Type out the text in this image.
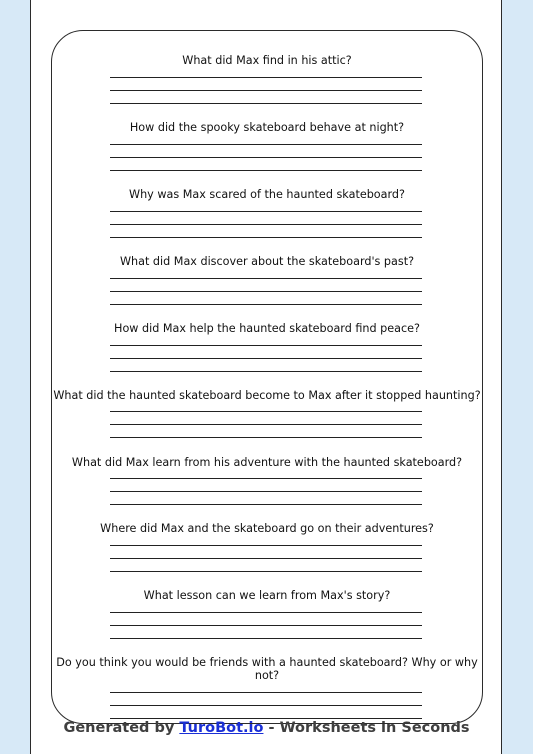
What did Max find in his attic?
How did the spooky skateboard behave at night?
Why was Max scared of the haunted skateboard?
What did Max discover about the skateboard's past?
How did Max help the haunted skateboard find peace?
What did the haunted skateboard become to Max after it stopped haunting?
What did Max learn from his adventure with the haunted skateboard?
Where did Max and the skateboard go on their adventures?
What lesson can we learn from Max's story?
Do you think you would be friends with a haunted skateboard? Why or why not?
Generated by TuroBot.io - Worksheets in Seconds
